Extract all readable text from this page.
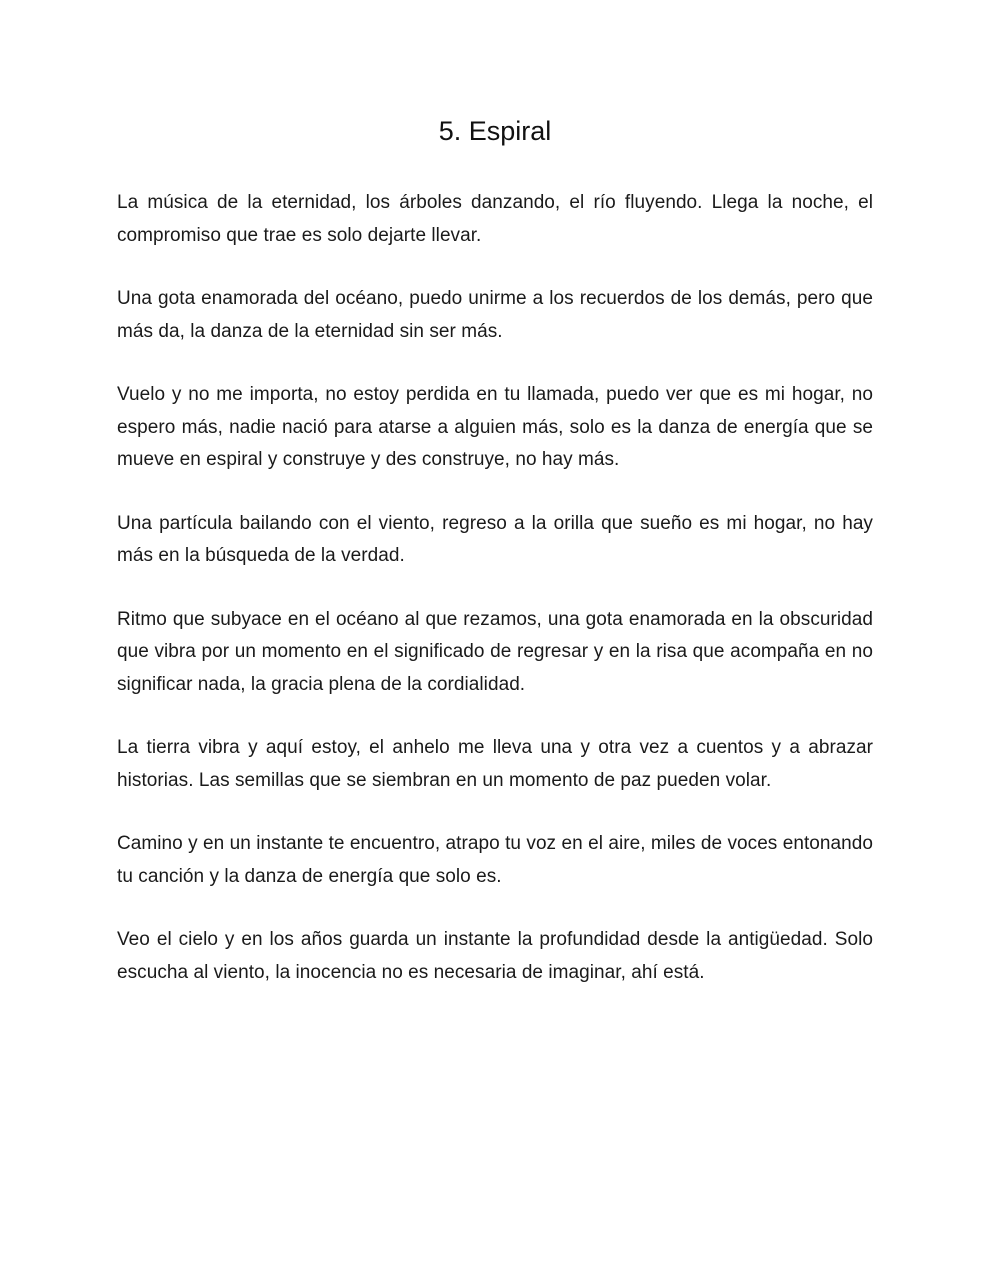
5. Espiral

La música de la eternidad, los árboles danzando, el río fluyendo. Llega la noche, el compromiso que trae es solo dejarte llevar.

Una gota enamorada del océano, puedo unirme a los recuerdos de los demás, pero que más da, la danza de la eternidad sin ser más.

Vuelo y no me importa, no estoy perdida en tu llamada, puedo ver que es mi hogar, no espero más, nadie nació para atarse a alguien más, solo es la danza de energía que se mueve en espiral y construye y des construye, no hay más.

Una partícula bailando con el viento, regreso a la orilla que sueño es mi hogar, no hay más en la búsqueda de la verdad.

Ritmo que subyace en el océano al que rezamos, una gota enamorada en la obscuridad que vibra por un momento en el significado de regresar y en la risa que acompaña en no significar nada, la gracia plena de la cordialidad.

La tierra vibra y aquí estoy, el anhelo me lleva una y otra vez a cuentos y a abrazar historias. Las semillas que se siembran en un momento de paz pueden volar.

Camino y en un instante te encuentro, atrapo tu voz en el aire, miles de voces entonando tu canción y la danza de energía que solo es.

Veo el cielo y en los años guarda un instante la profundidad desde la antigüedad. Solo escucha al viento, la inocencia no es necesaria de imaginar, ahí está.
